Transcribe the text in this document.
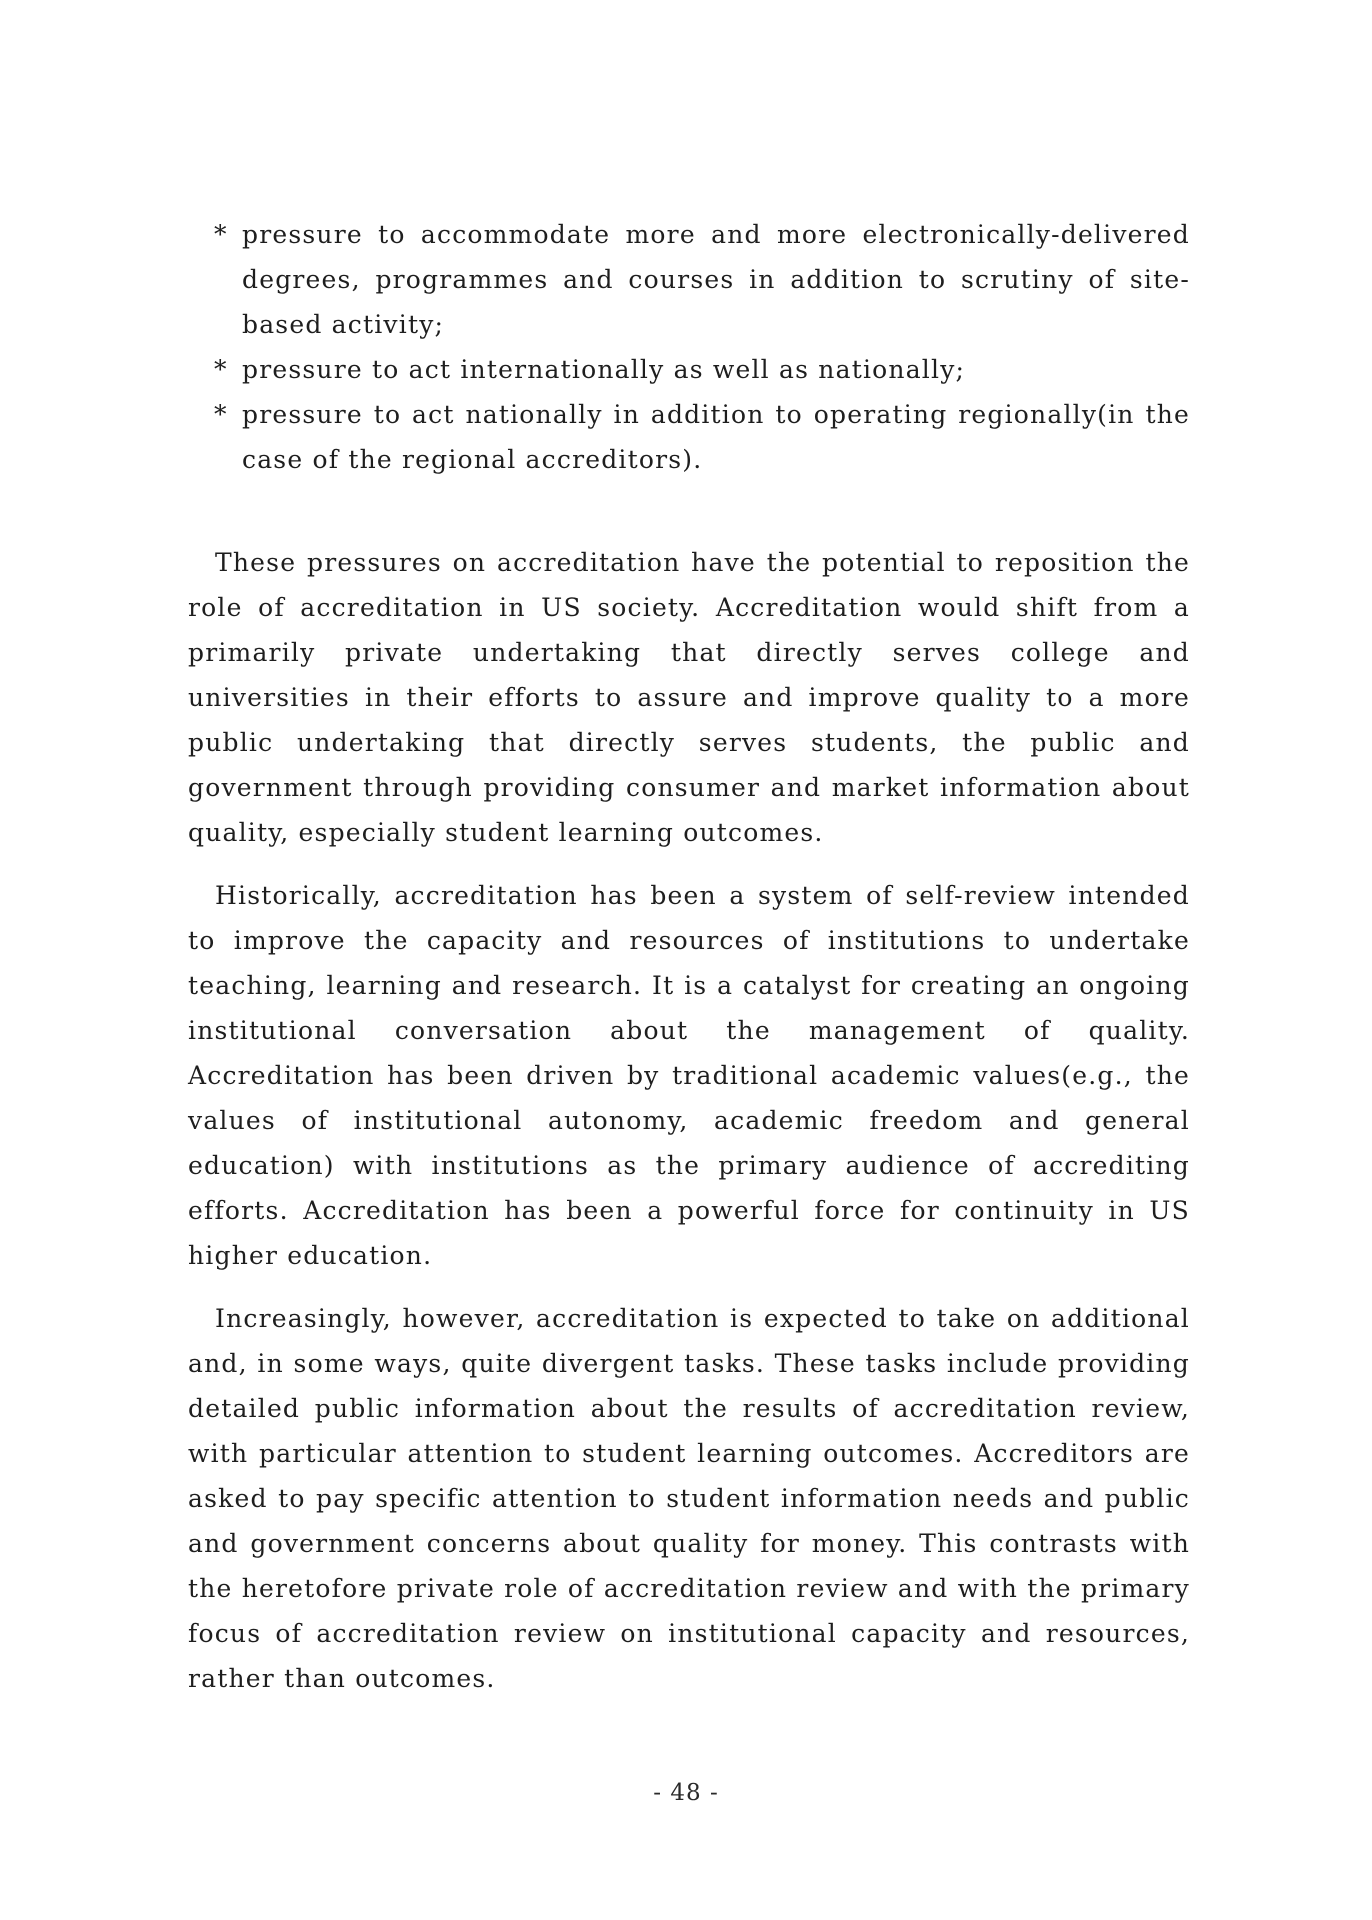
* pressure to accommodate more and more electronically-delivered degrees, programmes and courses in addition to scrutiny of site-based activity;
* pressure to act internationally as well as nationally;
* pressure to act nationally in addition to operating regionally(in the case of the regional accreditors).

These pressures on accreditation have the potential to reposition the role of accreditation in US society. Accreditation would shift from a primarily private undertaking that directly serves college and universities in their efforts to assure and improve quality to a more public undertaking that directly serves students, the public and government through providing consumer and market information about quality, especially student learning outcomes.

Historically, accreditation has been a system of self-review intended to improve the capacity and resources of institutions to undertake teaching, learning and research. It is a catalyst for creating an ongoing institutional conversation about the management of quality. Accreditation has been driven by traditional academic values(e.g., the values of institutional autonomy, academic freedom and general education) with institutions as the primary audience of accrediting efforts. Accreditation has been a powerful force for continuity in US higher education.

Increasingly, however, accreditation is expected to take on additional and, in some ways, quite divergent tasks. These tasks include providing detailed public information about the results of accreditation review, with particular attention to student learning outcomes. Accreditors are asked to pay specific attention to student information needs and public and government concerns about quality for money. This contrasts with the heretofore private role of accreditation review and with the primary focus of accreditation review on institutional capacity and resources, rather than outcomes.

- 48 -
